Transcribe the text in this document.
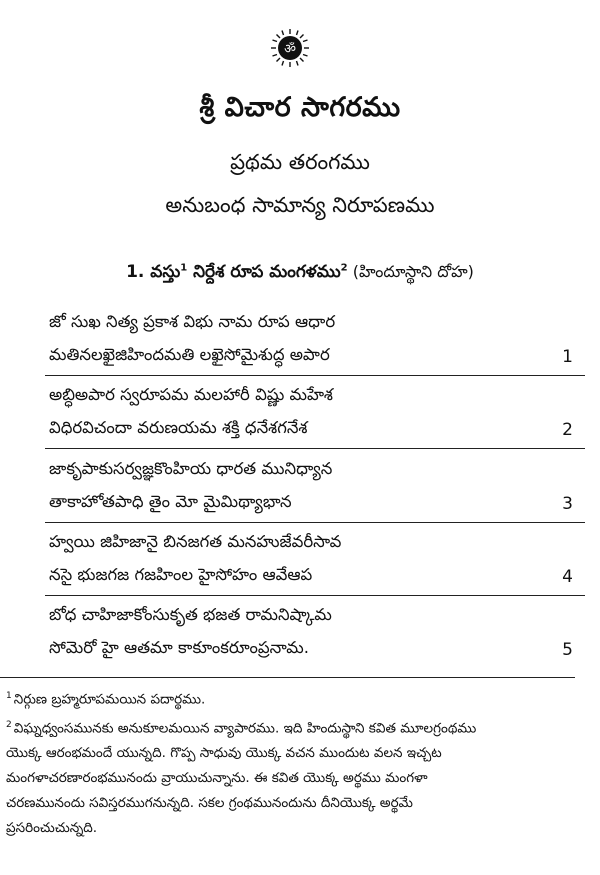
ॐ
శ్రీ విచార సాగరము
ప్రథమ తరంగము
అనుబంధ సామాన్య నిరూపణము
1. వస్తు$^1$ నిర్దేశ రూప మంగళము$^2$ (హిందూస్థాని దోహ)
జో సుఖ నిత్య ప్రకాశ విభు నామ రూప ఆధార
మతినలఖైజిహిందమతి లఖైసోమైశుద్ధ అపార	1
అబ్ధిఅపార స్వరూపమ మలహారీ విష్ణు మహేశ
విధిరవిచందా వరుణయమ శక్తి ధనేశగనేశ	2
జాకృపాకుసర్వజ్ఞకొంహియ ధారత మునిధ్యాన
తాకాహోతపాధి తైం మో మైమిథ్యాభాన	3
హ్వయి జిహిజానై బినజగత మనహుజేవరీసావ
నసై భుజగజ గజహింల హైసోహం ఆవేఆప	4
బోధ చాహిజాకోంసుకృత భజత రామనిష్కామ
సోమెరో హై ఆతమా కాకూంకరూంప్రనామ.	5
$^1$ నిర్గుణ బ్రహ్మరూపమయిన పదార్థము.
$^2$ విఘ్నధ్వంసమునకు అనుకూలమయిన వ్యాపారము. ఇది హిందుస్థాని కవిత మూలగ్రంథము
యొక్క ఆరంభమందే యున్నది. గొప్ప సాధువు యొక్క వచన ముందుట వలన ఇచ్చట
మంగళాచరణారంభమునందు వ్రాయుచున్నాను. ఈ కవిత యొక్క అర్థము మంగళా
చరణమునందు సవిస్తరముగనున్నది. సకల గ్రంథమునందును దీనియొక్క అర్థమే
ప్రసరించుచున్నది.
